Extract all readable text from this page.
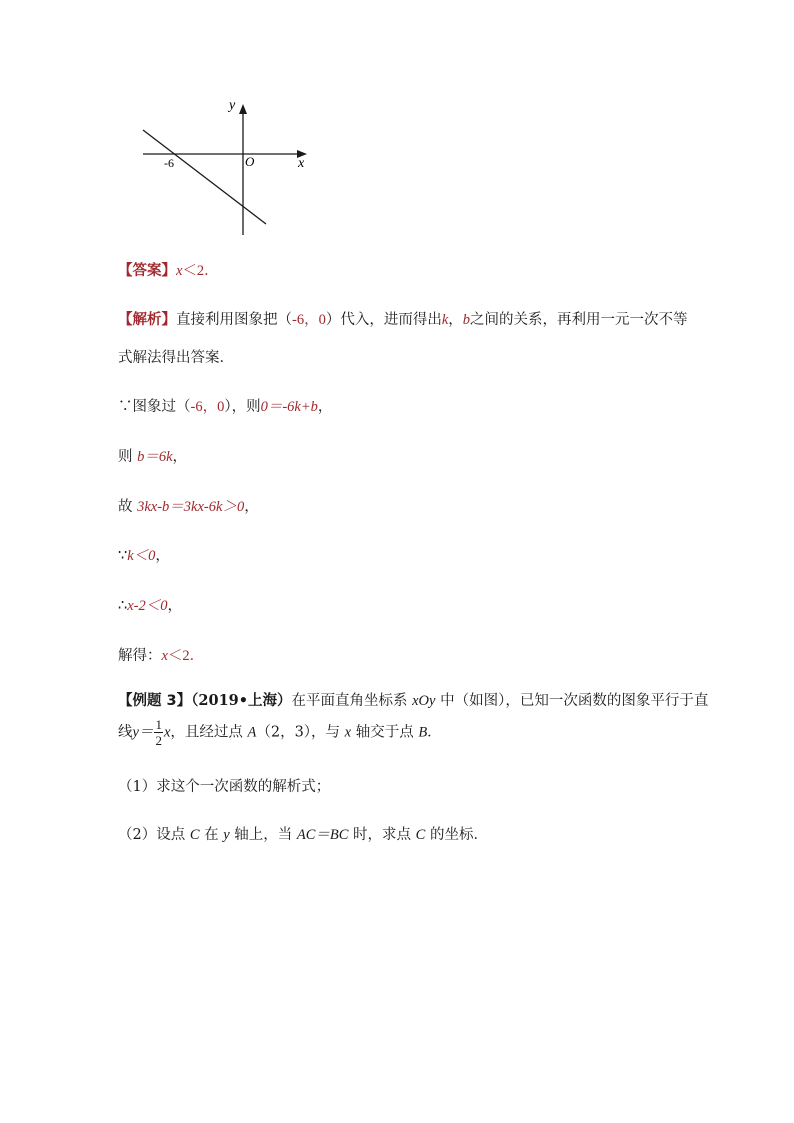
y
x
O
-6
【答案】x＜2．
【解析】直接利用图象把（-6，0）代入，进而得出k，b之间的关系，再利用一元一次不等
式解法得出答案．
∵图象过（-6，0），则0＝-6k+b，
则 b＝6k，
故 3kx-b＝3kx-6k＞0，
∵k＜0，
∴x-2＜0，
解得：x＜2．
【例题 3】（2019•上海）在平面直角坐标系 xOy 中（如图），已知一次函数的图象平行于直
线$y= \frac{1}{2}$ x，且经过点 A（2，3），与 x 轴交于点 B．
（1）求这个一次函数的解析式；
（2）设点 C 在 y 轴上，当 AC＝BC 时，求点 C 的坐标．
